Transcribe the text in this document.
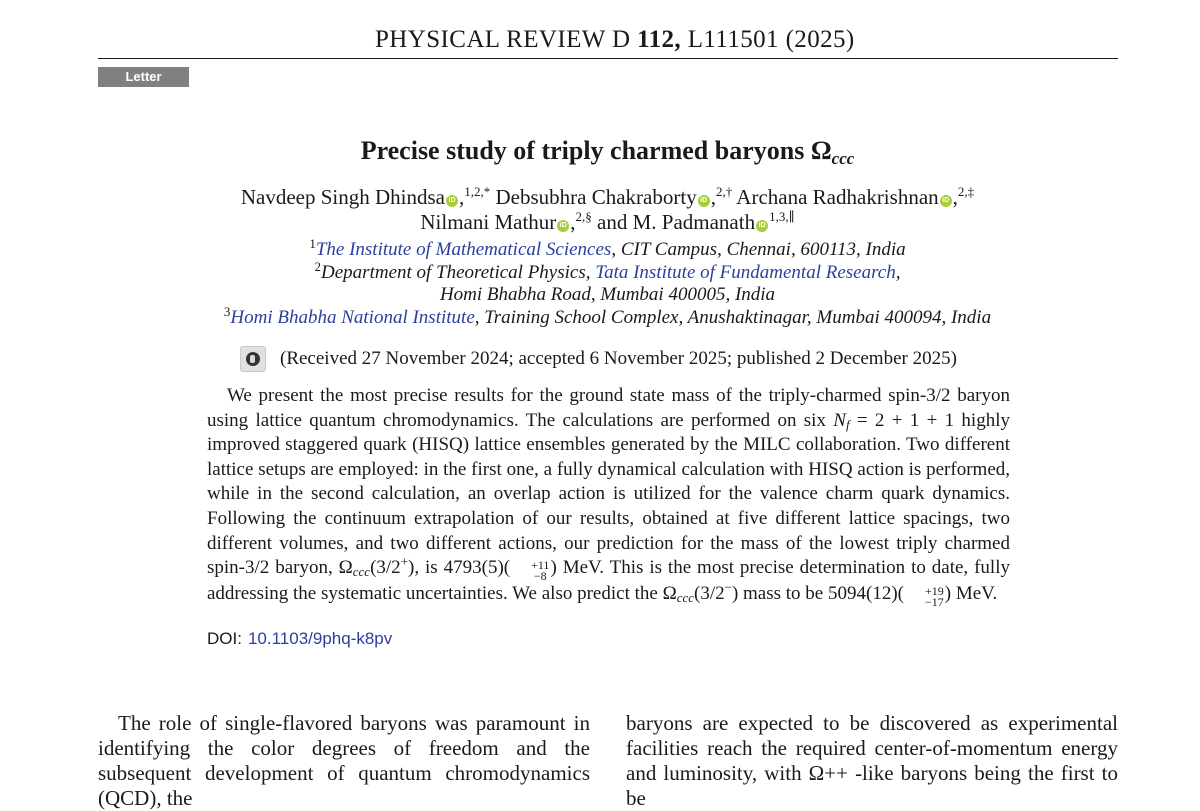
PHYSICAL REVIEW D 112, L111501 (2025)
Letter
Precise study of triply charmed baryons $\Omega_{ccc}$
Navdeep Singh Dhindsa iD ,$^{1,2,*}$ Debsubhra Chakraborty iD ,$^{2,\dagger}$ Archana Radhakrishnan iD ,$^{2,\ddagger}$
Nilmani Mathur iD ,$^{2,\S}$ and M. Padmanath iD$^{1,3,\parallel}$
$^1$The Institute of Mathematical Sciences, CIT Campus, Chennai, 600113, India
$^2$Department of Theoretical Physics, Tata Institute of Fundamental Research,
Homi Bhabha Road, Mumbai 400005, India
$^3$Homi Bhabha National Institute, Training School Complex, Anushaktinagar, Mumbai 400094, India
(Received 27 November 2024; accepted 6 November 2025; published 2 December 2025)
We present the most precise results for the ground state mass of the triply-charmed spin-3/2 baryon using lattice quantum chromodynamics. The calculations are performed on six $N_f = 2 + 1 + 1$ highly improved staggered quark (HISQ) lattice ensembles generated by the MILC collaboration. Two different lattice setups are employed: in the first one, a fully dynamical calculation with HISQ action is performed, while in the second calculation, an overlap action is utilized for the valence charm quark dynamics. Following the continuum extrapolation of our results, obtained at five different lattice spacings, two different volumes, and two different actions, our prediction for the mass of the lowest triply charmed spin-3/2 baryon, $\Omega_{ccc}(3/2^+)$, is 4793(5)(	+11
−8 ) MeV. This is the most precise determination to date, fully addressing the systematic uncertainties. We also predict the $\Omega_{ccc}(3/2^-)$ mass to be 5094(12)(	+19
−17 ) MeV.
DOI: 10.1103/9phq-k8pv
The role of single-flavored baryons was paramount in identifying the color degrees of freedom and the subsequent development of quantum chromodynamics (QCD), the
baryons are expected to be discovered as experimental facilities reach the required center-of-momentum energy and luminosity, with Ω++ -like baryons being the first to be
